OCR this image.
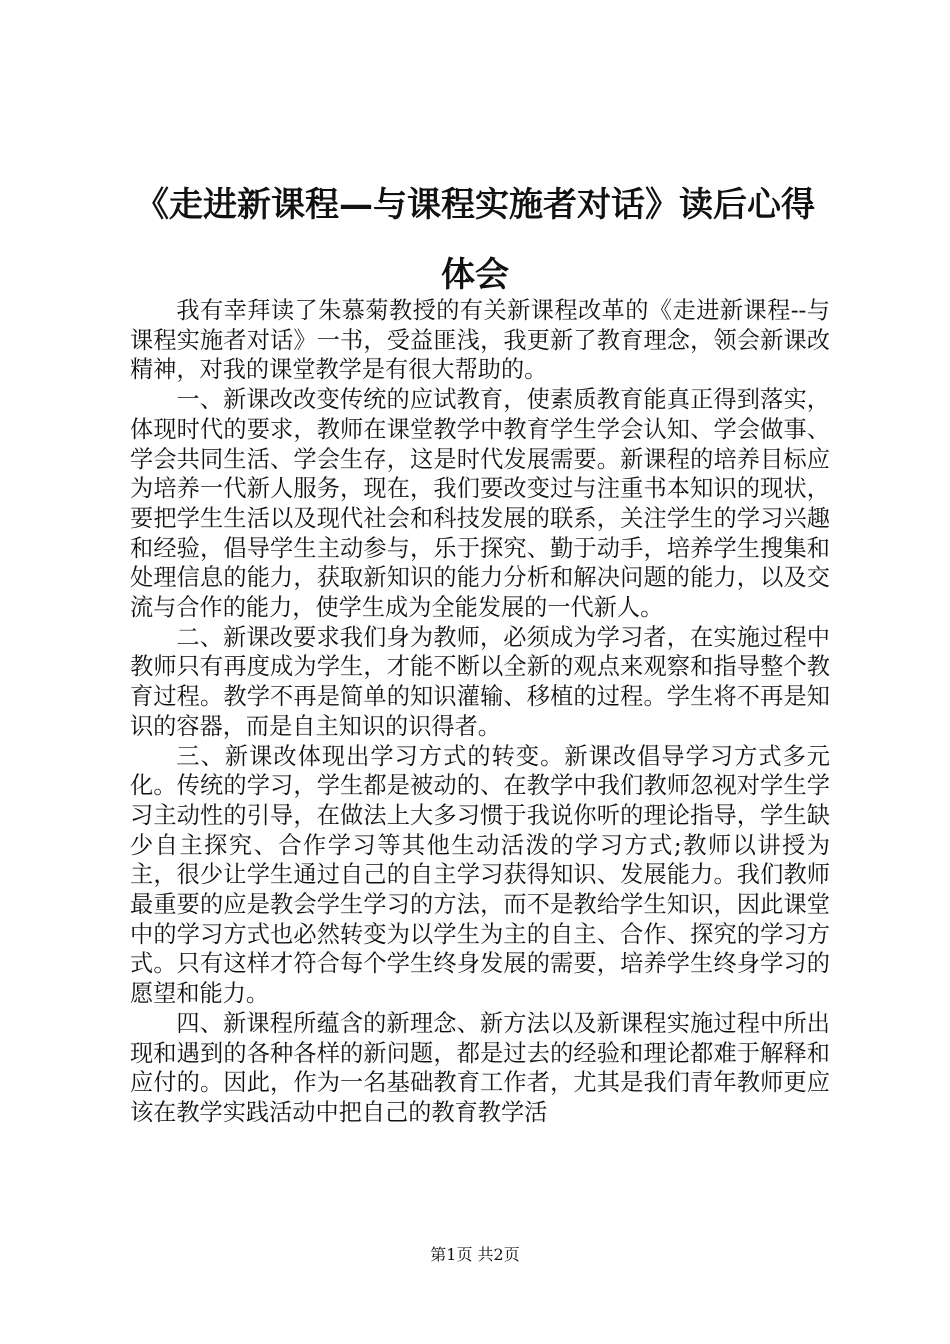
《走进新课程—与课程实施者对话》读后心得体会

我有幸拜读了朱慕菊教授的有关新课程改革的《走进新课程--与课程实施者对话》一书，受益匪浅，我更新了教育理念，领会新课改精神，对我的课堂教学是有很大帮助的。

一、新课改改变传统的应试教育，使素质教育能真正得到落实，体现时代的要求，教师在课堂教学中教育学生学会认知、学会做事、学会共同生活、学会生存，这是时代发展需要。新课程的培养目标应为培养一代新人服务，现在，我们要改变过与注重书本知识的现状，要把学生生活以及现代社会和科技发展的联系，关注学生的学习兴趣和经验，倡导学生主动参与，乐于探究、勤于动手，培养学生搜集和处理信息的能力，获取新知识的能力分析和解决问题的能力，以及交流与合作的能力，使学生成为全能发展的一代新人。

二、新课改要求我们身为教师，必须成为学习者，在实施过程中教师只有再度成为学生，才能不断以全新的观点来观察和指导整个教育过程。教学不再是简单的知识灌输、移植的过程。学生将不再是知识的容器，而是自主知识的识得者。

三、新课改体现出学习方式的转变。新课改倡导学习方式多元化。传统的学习，学生都是被动的、在教学中我们教师忽视对学生学习主动性的引导，在做法上大多习惯于我说你听的理论指导，学生缺少自主探究、合作学习等其他生动活泼的学习方式;教师以讲授为主，很少让学生通过自己的自主学习获得知识、发展能力。我们教师最重要的应是教会学生学习的方法，而不是教给学生知识，因此课堂中的学习方式也必然转变为以学生为主的自主、合作、探究的学习方式。只有这样才符合每个学生终身发展的需要，培养学生终身学习的愿望和能力。

四、新课程所蕴含的新理念、新方法以及新课程实施过程中所出现和遇到的各种各样的新问题，都是过去的经验和理论都难于解释和应付的。因此，作为一名基础教育工作者，尤其是我们青年教师更应该在教学实践活动中把自己的教育教学活

第1页 共2页
